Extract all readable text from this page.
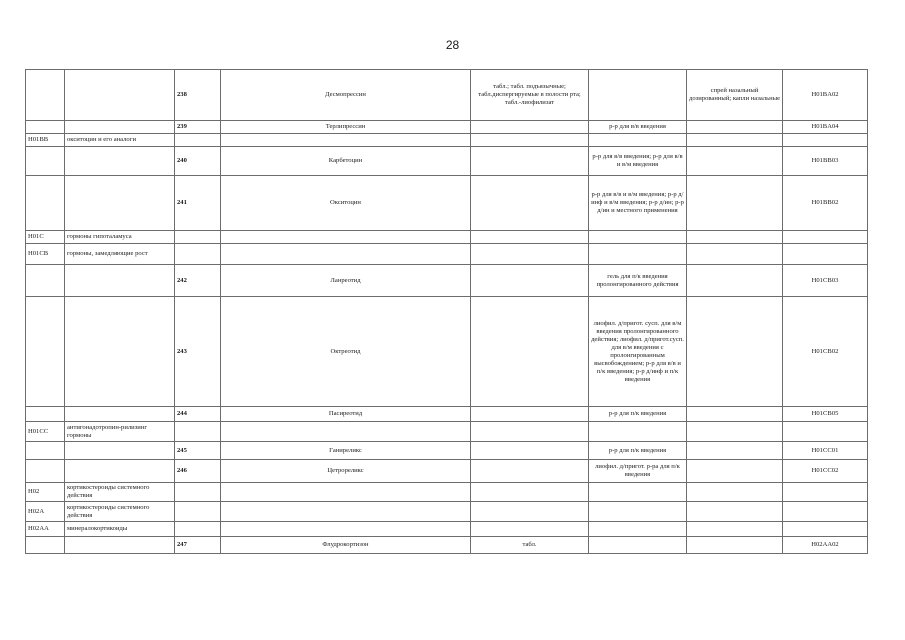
28
		238	Десмопрессин	табл.; табл. подъязычные; табл.диспергируемые в полости рта; табл.-лиофилизат		спрей назальный дозированный; капли назальные	H01BA02
		239	Терлипрессин		р-р для в/в введения		H01BA04
H01BB	окситоцин и его аналоги						
		240	Карбетоцин		р-р для в/в введения; р-р для в/в и в/м введения		H01BB03
		241	Окситоцин		р-р для в/в и в/м введения; р-р д/инф и в/м введения; р-р д/ин; р-р д/ин и местного применения		H01BB02
H01C	гормоны гипоталамуса						
H01CB	гормоны, замедляющие рост						
		242	Ланреотид		гель для п/к введения пролонгированного действия		H01CB03
		243	Октреотид		лиофил. д/пригот. сусп. для в/м введения пролонгированного действия; лиофил. д/пригот.сусп. для в/м введения с пролонгированным высвобождением; р-р для в/в и п/к введения; р-р д/инф и п/к введения		H01CB02
		244	Пасиреотид		р-р для п/к введения		H01CB05
H01CC	антигонадотропин-рилизинг гормоны						
		245	Ганиреликс		р-р для п/к введения		H01CC01
		246	Цетрореликс		лиофил. д/пригот. р-ра для п/к введения		H01CC02
H02	кортикостероиды системного действия						
H02A	кортикостероиды системного действия						
H02AA	минералокортикоиды						
		247	Флудрокортизон	табл.			H02AA02
